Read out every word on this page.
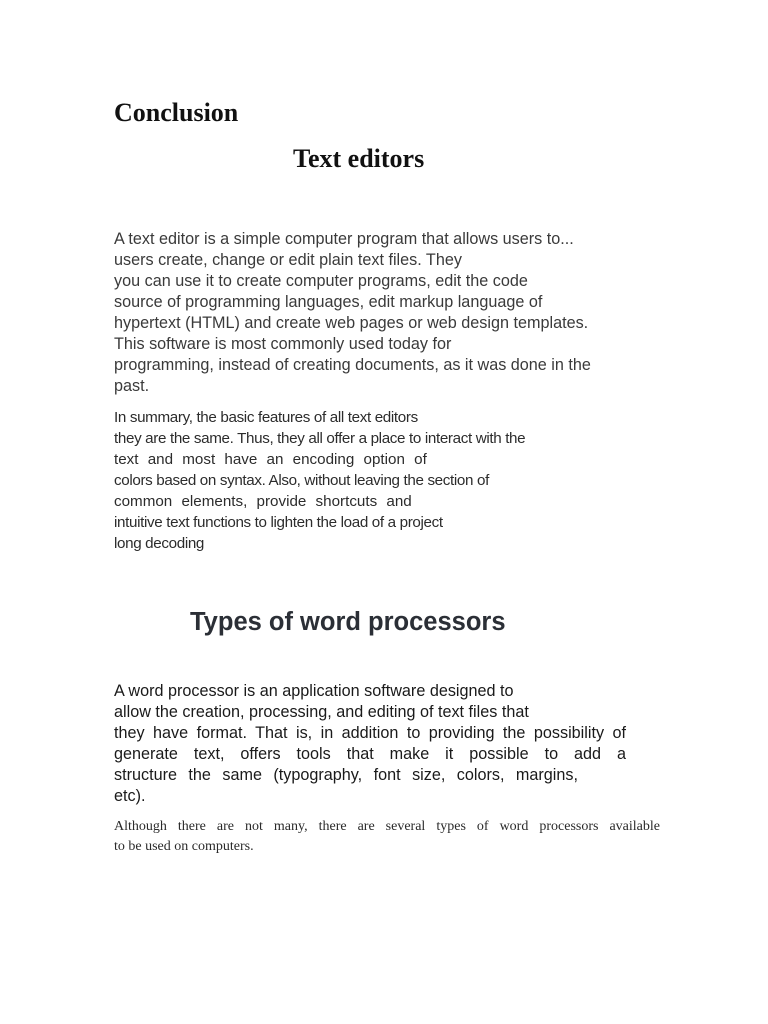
Conclusion
Text editors

A text editor is a simple computer program that allows users to...

users create, change or edit plain text files. They

you can use it to create computer programs, edit the code

source of programming languages, edit markup language of

hypertext (HTML) and create web pages or web design templates.

This software is most commonly used today for

programming, instead of creating documents, as it was done in the

past.

In summary, the basic features of all text editors

they are the same. Thus, they all offer a place to interact with the

text and most have an encoding option of

colors based on syntax. Also, without leaving the section of

common elements, provide shortcuts and

intuitive text functions to lighten the load of a project

long decoding

Types of word processors

A word processor is an application software designed to

allow the creation, processing, and editing of text files that

they have format. That is, in addition to providing the possibility of

generate text, offers tools that make it possible to add a

structure the same (typography, font size, colors, margins,

etc).

Although there are not many, there are several types of word processors available

to be used on computers.
